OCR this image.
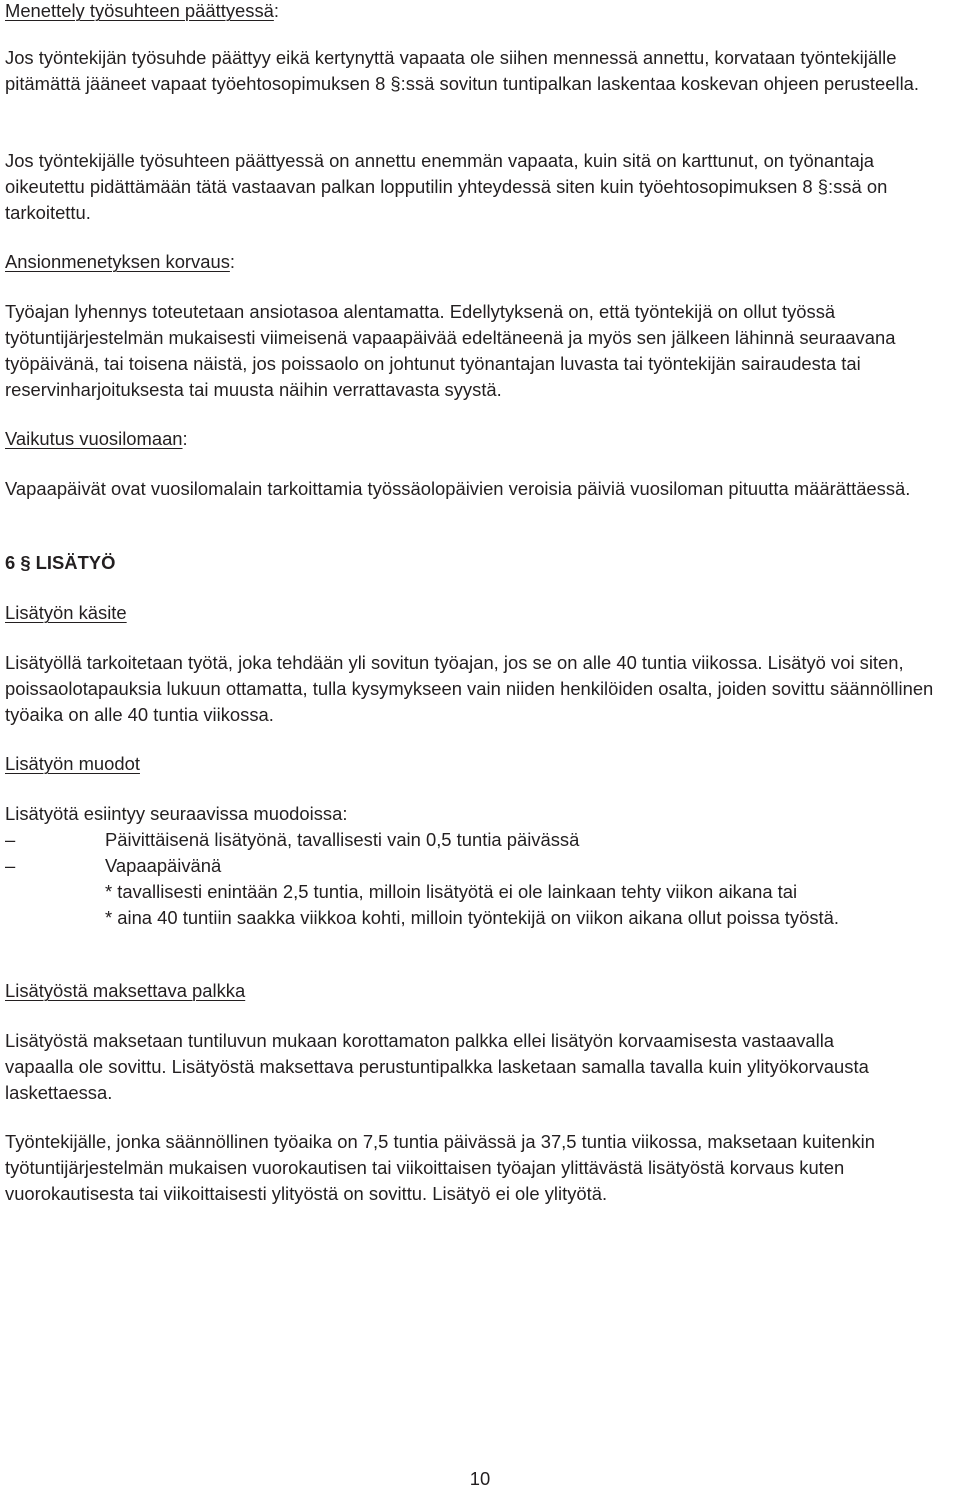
Menettely työsuhteen päättyessä:

Jos työntekijän työsuhde päättyy eikä kertynyttä vapaata ole siihen mennessä annettu, korvataan työntekijälle pitämättä jääneet vapaat työehtosopimuksen 8 §:ssä sovitun tuntipalkan laskentaa koskevan ohjeen perusteella.

Jos työntekijälle työsuhteen päättyessä on annettu enemmän vapaata, kuin sitä on karttunut, on työnantaja oikeutettu pidättämään tätä vastaavan palkan lopputilin yhteydessä siten kuin työehtosopimuksen 8 §:ssä on tarkoitettu.

Ansionmenetyksen korvaus:

Työajan lyhennys toteutetaan ansiotasoa alentamatta. Edellytyksenä on, että työntekijä on ollut työssä työtuntijärjestelmän mukaisesti viimeisenä vapaapäivää edeltäneenä ja myös sen jälkeen lähinnä seuraavana työpäivänä, tai toisena näistä, jos poissaolo on johtunut työnantajan luvasta tai työntekijän sairaudesta tai reservinharjoituksesta tai muusta näihin verrattavasta syystä.

Vaikutus vuosilomaan:

Vapaapäivät ovat vuosilomalain tarkoittamia työssäolopäivien veroisia päiviä vuosiloman pituutta määrättäessä.

6 § LISÄTYÖ
Lisätyön käsite

Lisätyöllä tarkoitetaan työtä, joka tehdään yli sovitun työajan, jos se on alle 40 tuntia viikossa. Lisätyö voi siten, poissaolotapauksia lukuun ottamatta, tulla kysymykseen vain niiden henkilöiden osalta, joiden sovittu säännöllinen työaika on alle 40 tuntia viikossa.

Lisätyön muodot
Lisätyötä esiintyy seuraavissa muodoissa:
–	Päivittäisenä lisätyönä, tavallisesti vain 0,5 tuntia päivässä
–	Vapaapäivänä
* tavallisesti enintään 2,5 tuntia, milloin lisätyötä ei ole lainkaan tehty viikon aikana tai
* aina 40 tuntiin saakka viikkoa kohti, milloin työntekijä on viikon aikana ollut poissa työstä.
Lisätyöstä maksettava palkka

Lisätyöstä maksetaan tuntiluvun mukaan korottamaton palkka ellei lisätyön korvaamisesta vastaavalla vapaalla ole sovittu. Lisätyöstä maksettava perustuntipalkka lasketaan samalla tavalla kuin ylityökorvausta laskettaessa.

Työntekijälle, jonka säännöllinen työaika on 7,5 tuntia päivässä ja 37,5 tuntia viikossa, maksetaan kuitenkin työtuntijärjestelmän mukaisen vuorokautisen tai viikoittaisen työajan ylittävästä lisätyöstä korvaus kuten vuorokautisesta tai viikoittaisesti ylityöstä on sovittu. Lisätyö ei ole ylityötä.

10
